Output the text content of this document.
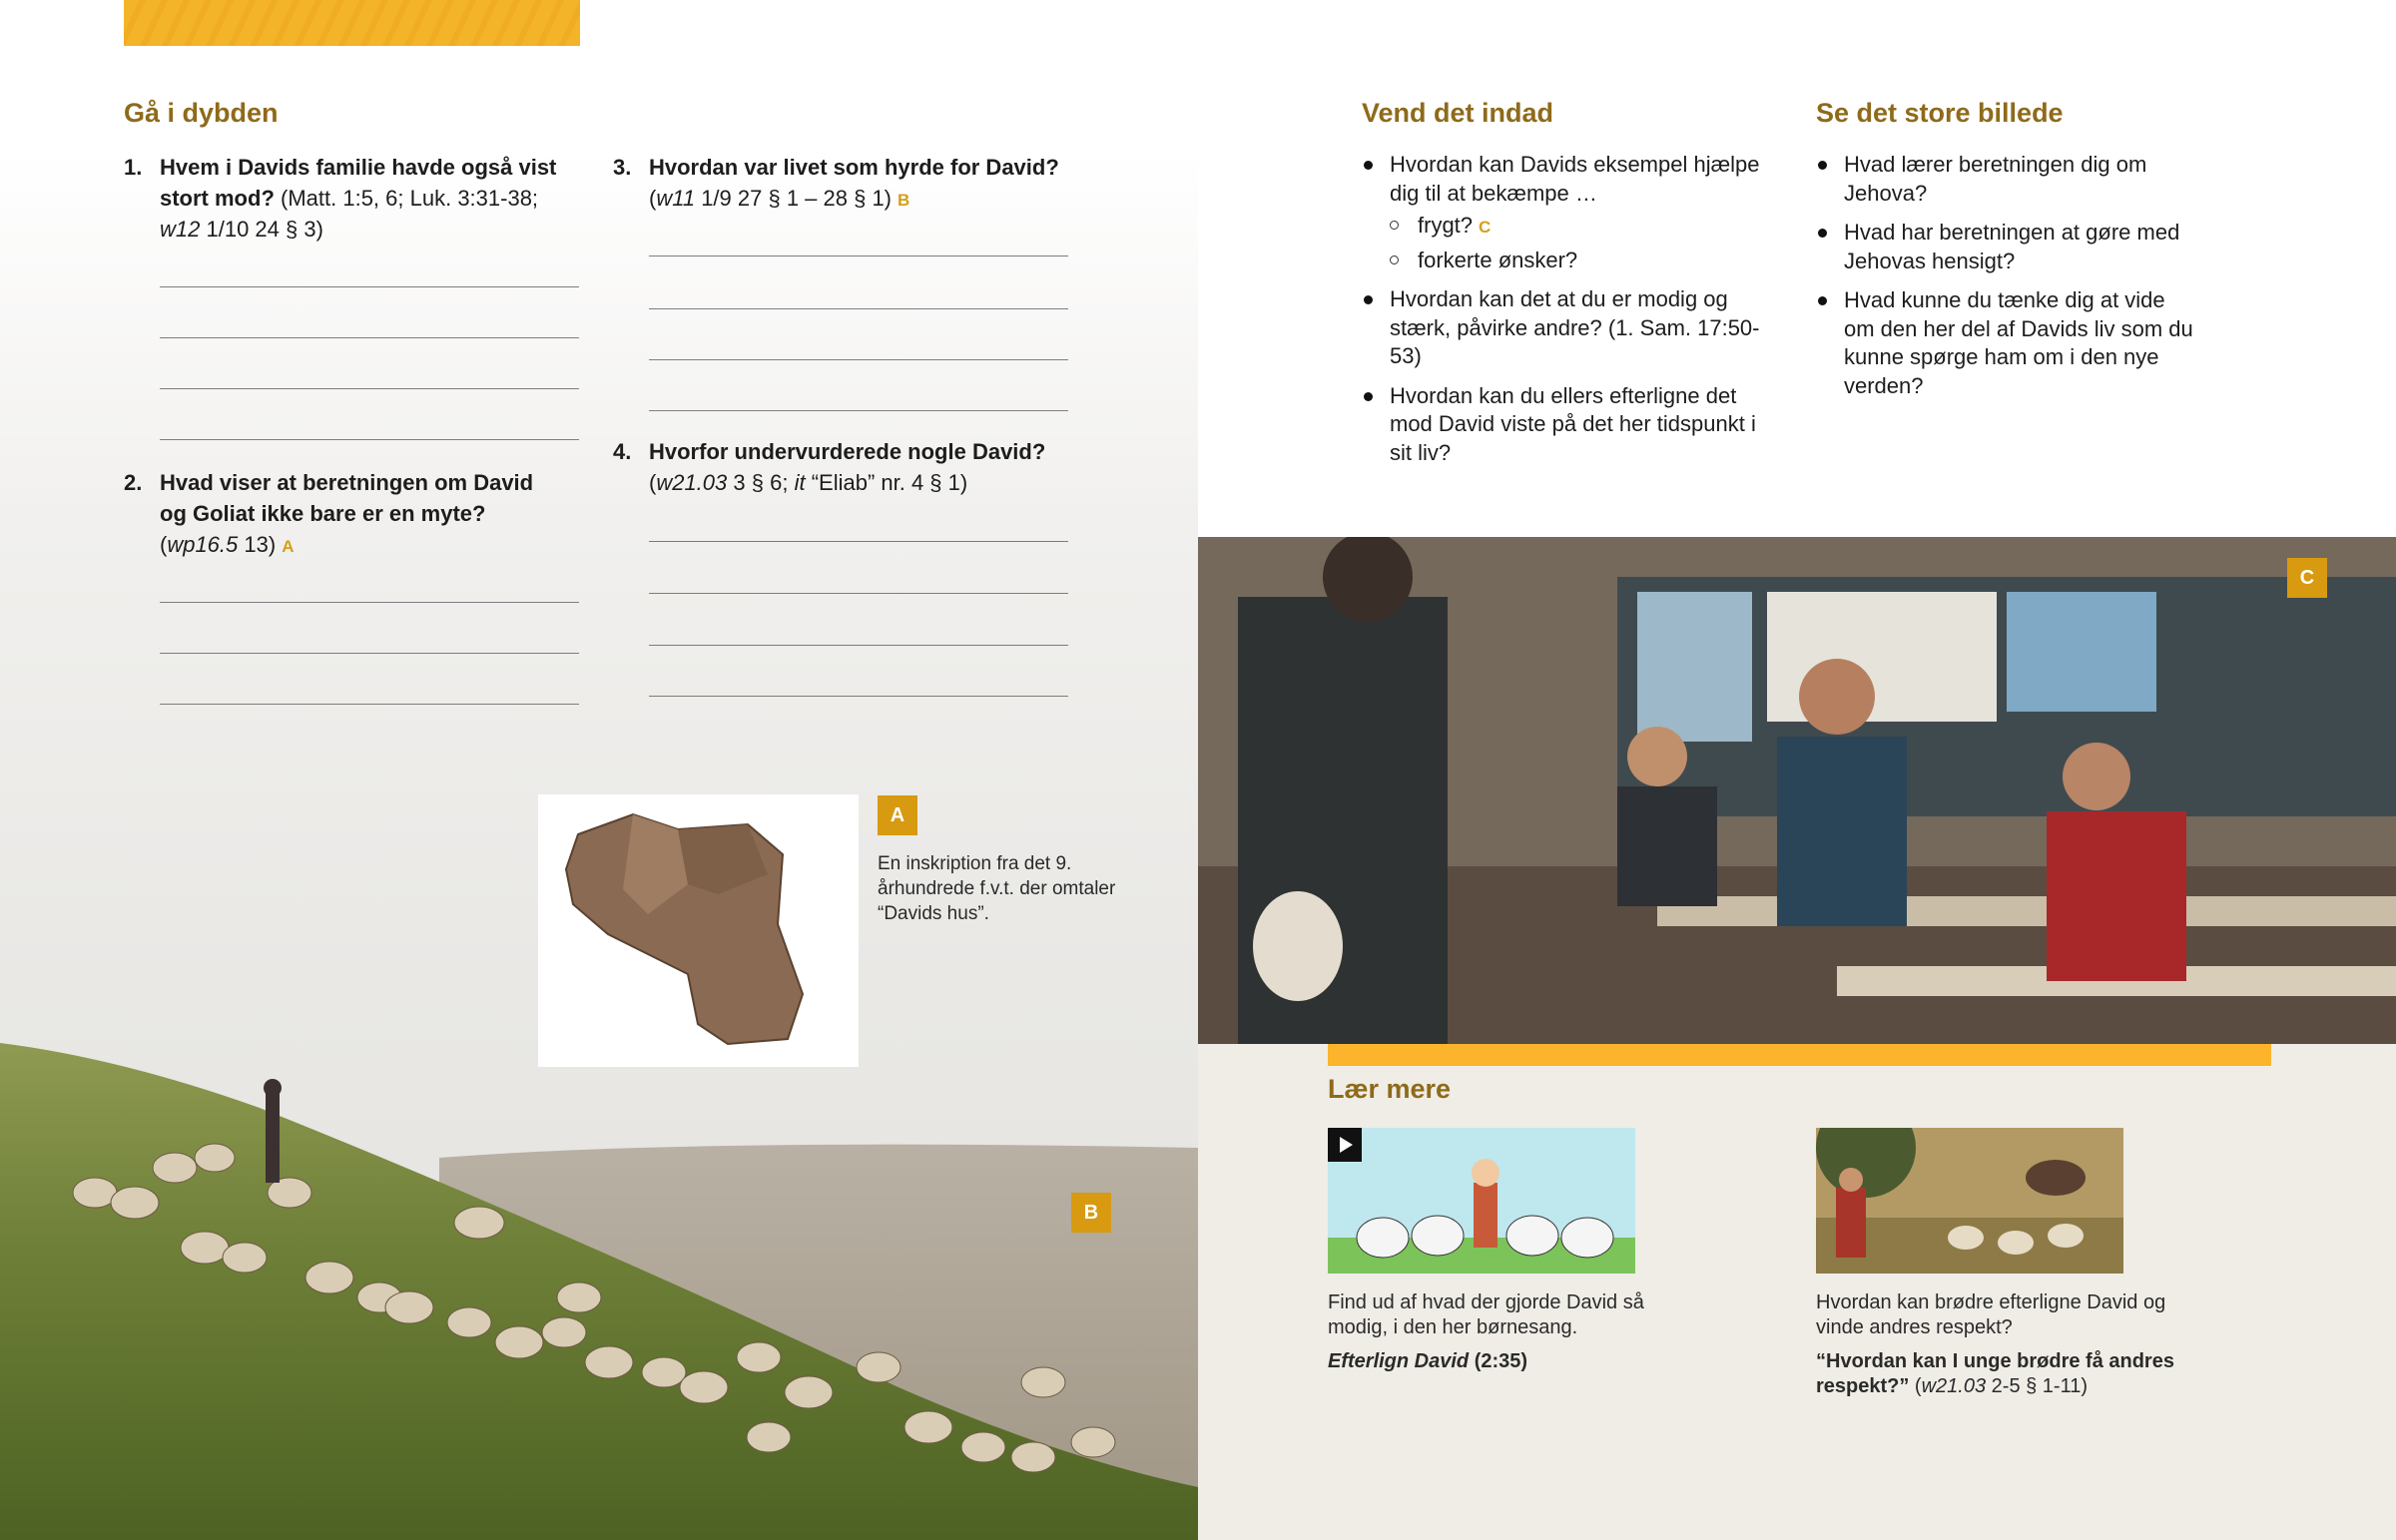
Gå i dybden
1. Hvem i Davids familie havde også vist stort mod? (Matt. 1:5, 6; Luk. 3:31-38; w12 1/10 24 § 3)
2. Hvad viser at beretningen om David og Goliat ikke bare er en myte?
(wp16.5 13) A
3. Hvordan var livet som hyrde for David?
(w11 1/9 27 § 1 – 28 § 1) B
4. Hvorfor undervurderede nogle David?
(w21.03 3 § 6; it “Eliab” nr. 4 § 1)
A
En inskription fra det 9. århundrede f.v.t. der omtaler “Davids hus”.
B
Vend det indad
Hvordan kan Davids eksempel hjælpe dig til at bekæmpe …
frygt? C
forkerte ønsker?
Hvordan kan det at du er modig og stærk, påvirke andre? (1. Sam. 17:50-53)
Hvordan kan du ellers efterligne det mod David viste på det her tidspunkt i sit liv?
Se det store billede
Hvad lærer beretningen dig om Jehova?
Hvad har beretningen at gøre med Jehovas hensigt?
Hvad kunne du tænke dig at vide om den her del af Davids liv som du kunne spørge ham om i den nye verden?
C
Lær mere
Find ud af hvad der gjorde David så modig, i den her børnesang.
Efterlign David (2:35)
Hvordan kan brødre efterligne David og vinde andres respekt?
“Hvordan kan I unge brødre få andres respekt?” (w21.03 2-5 § 1-11)
